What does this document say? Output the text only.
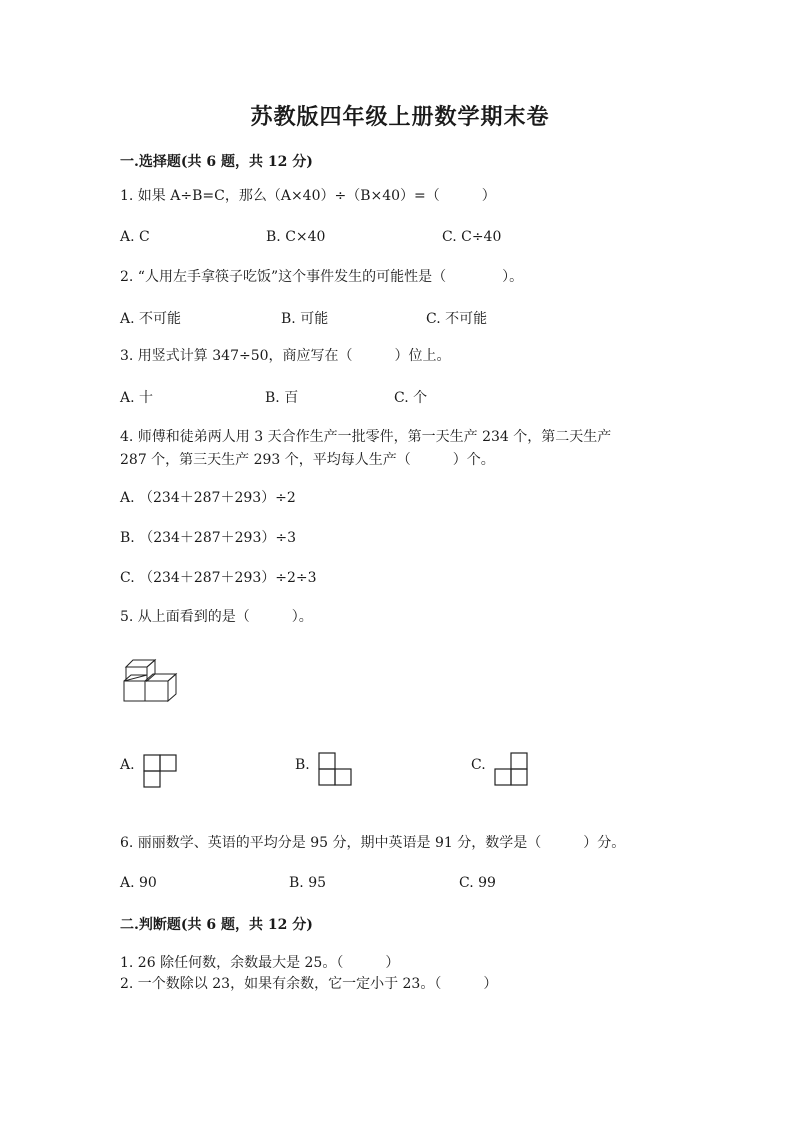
苏教版四年级上册数学期末卷
一.选择题(共 6 题，共 12 分)
1. 如果 A÷B=C，那么（A×40）÷（B×40）=（　　　）
A. C	B. C×40	C. C÷40
2. “人用左手拿筷子吃饭”这个事件发生的可能性是（　　　　）。
A. 不可能	B. 可能	C. 不可能
3. 用竖式计算 347÷50，商应写在（　　　）位上。
A. 十	B. 百	C. 个
4. 师傅和徒弟两人用 3 天合作生产一批零件，第一天生产 234 个，第二天生产
287 个，第三天生产 293 个，平均每人生产（　　　）个。
A. （234＋287＋293）÷2
B. （234＋287＋293）÷3
C. （234＋287＋293）÷2÷3
5. 从上面看到的是（　　　）。
A.	B.	C.
6. 丽丽数学、英语的平均分是 95 分，期中英语是 91 分，数学是（　　　）分。
A. 90	B. 95	C. 99
二.判断题(共 6 题，共 12 分)
1. 26 除任何数，余数最大是 25。（　　　）
2. 一个数除以 23，如果有余数，它一定小于 23。（　　　）
